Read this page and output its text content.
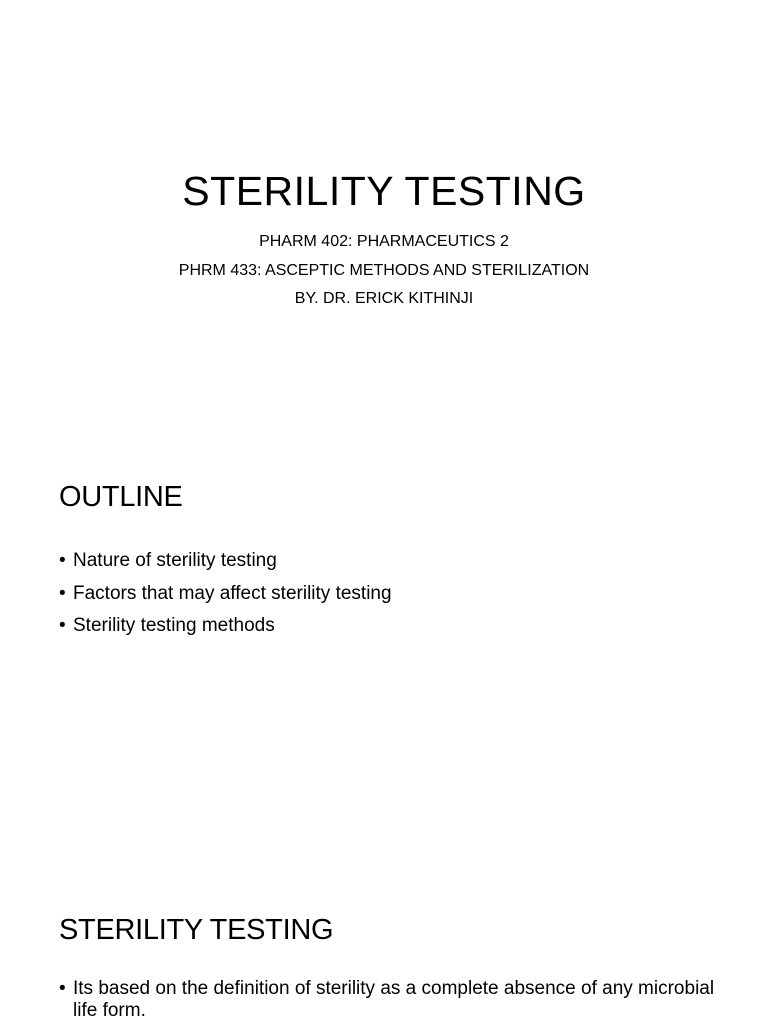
STERILITY TESTING
PHARM 402: PHARMACEUTICS 2
PHRM 433: ASCEPTIC METHODS AND STERILIZATION
BY. DR. ERICK KITHINJI
OUTLINE
• Nature of sterility testing
• Factors that may affect sterility testing
• Sterility testing methods
STERILITY TESTING
• Its based on the definition of sterility as a complete absence of any microbial life form.
